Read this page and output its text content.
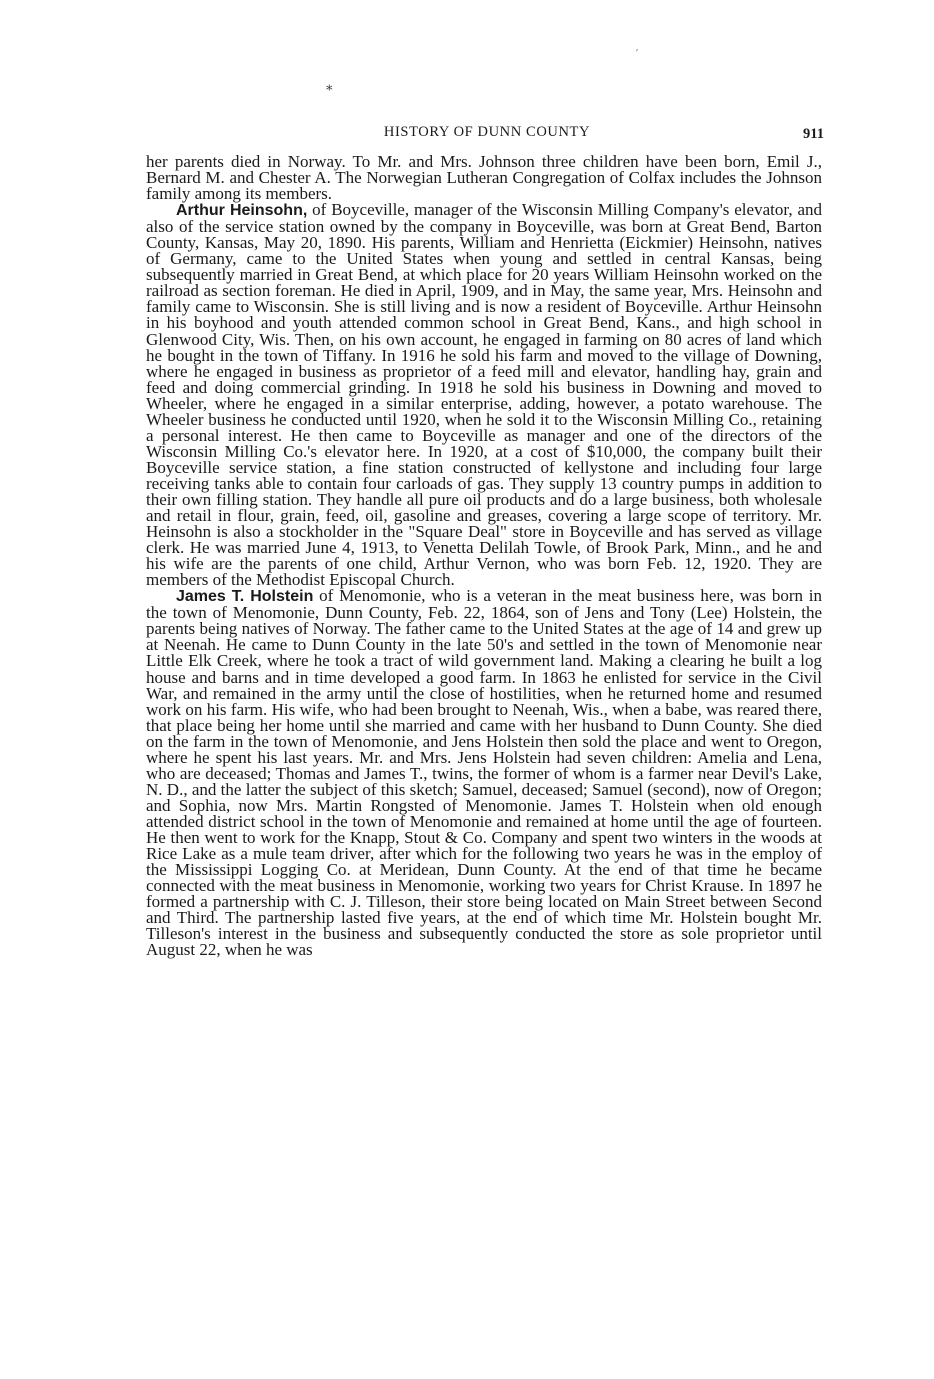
⁎
′
HISTORY OF DUNN COUNTY	911

her parents died in Norway. To Mr. and Mrs. Johnson three children have been born, Emil J., Bernard M. and Chester A. The Norwegian Lutheran Congregation of Colfax includes the Johnson family among its members.

Arthur Heinsohn, of Boyceville, manager of the Wisconsin Milling Company's elevator, and also of the service station owned by the company in Boyceville, was born at Great Bend, Barton County, Kansas, May 20, 1890. His parents, William and Henrietta (Eickmier) Heinsohn, natives of Germany, came to the United States when young and settled in central Kansas, being subsequently married in Great Bend, at which place for 20 years William Heinsohn worked on the railroad as section foreman. He died in April, 1909, and in May, the same year, Mrs. Heinsohn and family came to Wisconsin. She is still living and is now a resident of Boyceville. Arthur Heinsohn in his boyhood and youth attended common school in Great Bend, Kans., and high school in Glenwood City, Wis. Then, on his own account, he engaged in farming on 80 acres of land which he bought in the town of Tiffany. In 1916 he sold his farm and moved to the village of Downing, where he engaged in business as proprietor of a feed mill and elevator, handling hay, grain and feed and doing commercial grinding. In 1918 he sold his business in Downing and moved to Wheeler, where he engaged in a similar enterprise, adding, however, a potato warehouse. The Wheeler business he conducted until 1920, when he sold it to the Wisconsin Milling Co., retaining a personal interest. He then came to Boyceville as manager and one of the directors of the Wisconsin Milling Co.'s elevator here. In 1920, at a cost of $10,000, the company built their Boyceville service station, a fine station constructed of kellystone and including four large receiving tanks able to contain four carloads of gas. They supply 13 country pumps in addition to their own filling station. They handle all pure oil products and do a large business, both wholesale and retail in flour, grain, feed, oil, gasoline and greases, covering a large scope of territory. Mr. Heinsohn is also a stockholder in the "Square Deal" store in Boyceville and has served as village clerk. He was married June 4, 1913, to Venetta Delilah Towle, of Brook Park, Minn., and he and his wife are the parents of one child, Arthur Vernon, who was born Feb. 12, 1920. They are members of the Methodist Episcopal Church.

James T. Holstein of Menomonie, who is a veteran in the meat business here, was born in the town of Menomonie, Dunn County, Feb. 22, 1864, son of Jens and Tony (Lee) Holstein, the parents being natives of Norway. The father came to the United States at the age of 14 and grew up at Neenah. He came to Dunn County in the late 50's and settled in the town of Menomonie near Little Elk Creek, where he took a tract of wild government land. Making a clearing he built a log house and barns and in time developed a good farm. In 1863 he enlisted for service in the Civil War, and remained in the army until the close of hostilities, when he returned home and resumed work on his farm. His wife, who had been brought to Neenah, Wis., when a babe, was reared there, that place being her home until she married and came with her husband to Dunn County. She died on the farm in the town of Menomonie, and Jens Holstein then sold the place and went to Oregon, where he spent his last years. Mr. and Mrs. Jens Holstein had seven children: Amelia and Lena, who are deceased; Thomas and James T., twins, the former of whom is a farmer near Devil's Lake, N. D., and the latter the subject of this sketch; Samuel, deceased; Samuel (second), now of Oregon; and Sophia, now Mrs. Martin Rongsted of Menomonie. James T. Holstein when old enough attended district school in the town of Menomonie and remained at home until the age of fourteen. He then went to work for the Knapp, Stout & Co. Company and spent two winters in the woods at Rice Lake as a mule team driver, after which for the following two years he was in the employ of the Mississippi Logging Co. at Meridean, Dunn County. At the end of that time he became connected with the meat business in Menomonie, working two years for Christ Krause. In 1897 he formed a partnership with C. J. Tilleson, their store being located on Main Street between Second and Third. The partnership lasted five years, at the end of which time Mr. Holstein bought Mr. Tilleson's interest in the business and subsequently conducted the store as sole proprietor until August 22, when he was
